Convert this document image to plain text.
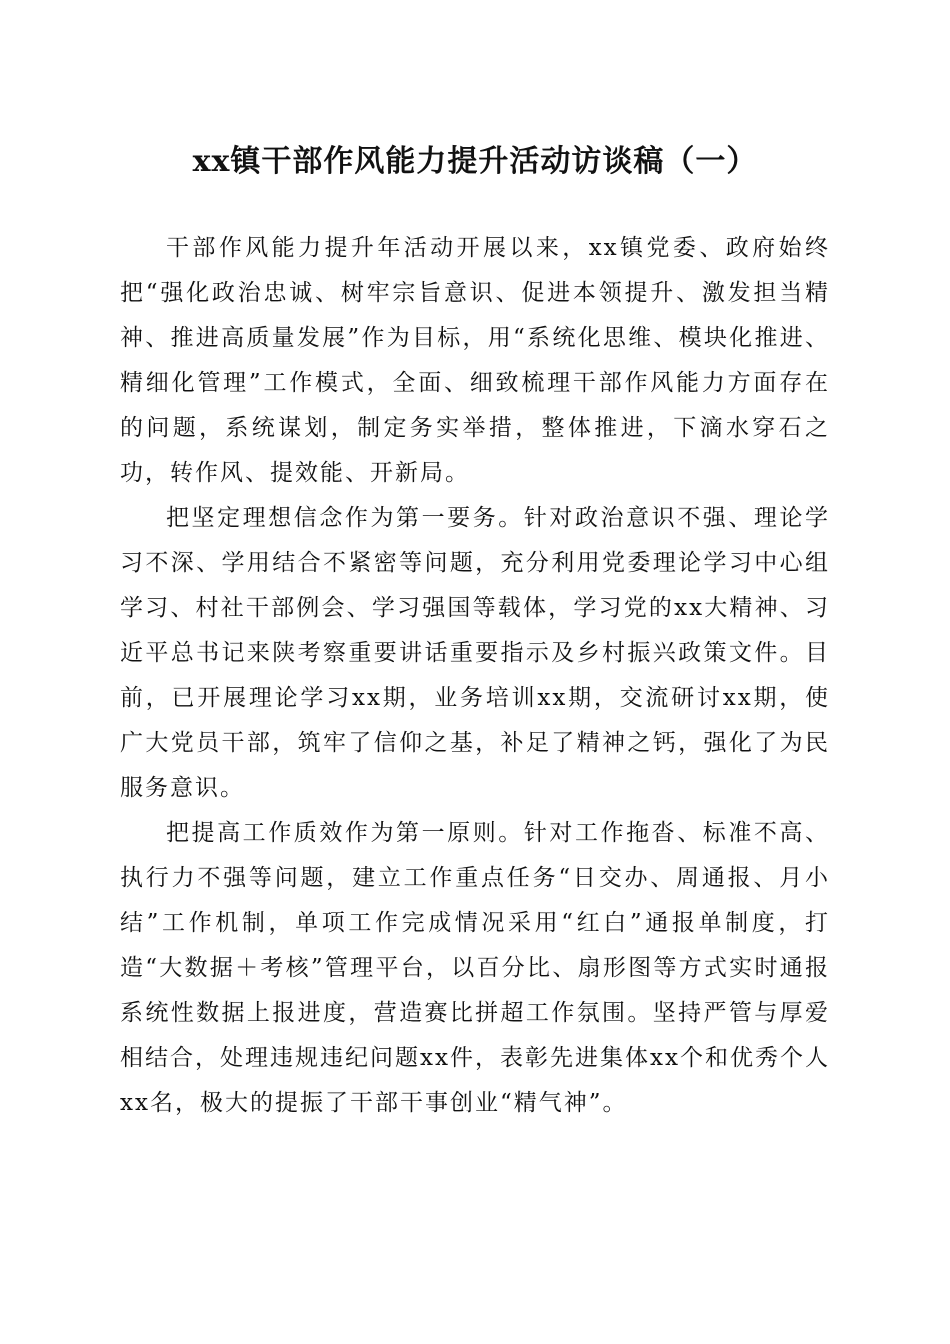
xx镇干部作风能力提升活动访谈稿（一）

干部作风能力提升年活动开展以来，xx镇党委、政府始终把“强化政治忠诚、树牢宗旨意识、促进本领提升、激发担当精神、推进高质量发展”作为目标，用“系统化思维、模块化推进、精细化管理”工作模式，全面、细致梳理干部作风能力方面存在的问题，系统谋划，制定务实举措，整体推进，下滴水穿石之功，转作风、提效能、开新局。

把坚定理想信念作为第一要务。针对政治意识不强、理论学习不深、学用结合不紧密等问题，充分利用党委理论学习中心组学习、村社干部例会、学习强国等载体，学习党的xx大精神、习近平总书记来陕考察重要讲话重要指示及乡村振兴政策文件。目前，已开展理论学习xx期，业务培训xx期，交流研讨xx期，使广大党员干部，筑牢了信仰之基，补足了精神之钙，强化了为民服务意识。

把提高工作质效作为第一原则。针对工作拖沓、标准不高、执行力不强等问题，建立工作重点任务“日交办、周通报、月小结”工作机制，单项工作完成情况采用“红白”通报单制度，打造“大数据＋考核”管理平台，以百分比、扇形图等方式实时通报系统性数据上报进度，营造赛比拼超工作氛围。坚持严管与厚爱相结合，处理违规违纪问题xx件，表彰先进集体xx个和优秀个人xx名，极大的提振了干部干事创业“精气神”。
